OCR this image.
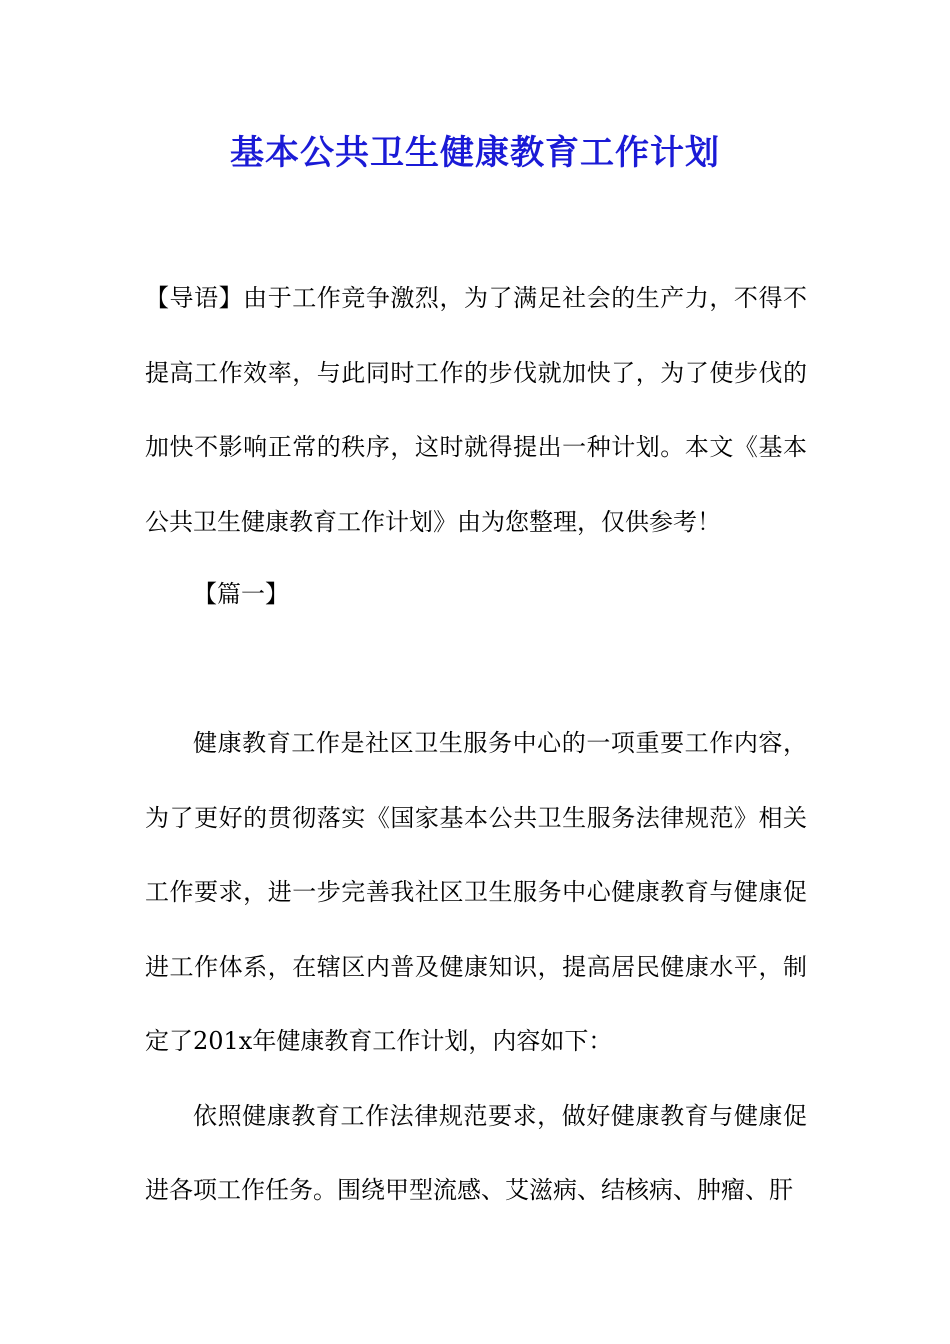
基本公共卫生健康教育工作计划

【导语】由于工作竞争激烈，为了满足社会的生产力，不得不提高工作效率，与此同时工作的步伐就加快了，为了使步伐的加快不影响正常的秩序，这时就得提出一种计划。本文《基本公共卫生健康教育工作计划》由为您整理，仅供参考！

【篇一】

健康教育工作是社区卫生服务中心的一项重要工作内容，为了更好的贯彻落实《国家基本公共卫生服务法律规范》相关工作要求，进一步完善我社区卫生服务中心健康教育与健康促进工作体系，在辖区内普及健康知识，提高居民健康水平，制定了201x年健康教育工作计划，内容如下：

依照健康教育工作法律规范要求，做好健康教育与健康促进各项工作任务。围绕甲型流感、艾滋病、结核病、肿瘤、肝
